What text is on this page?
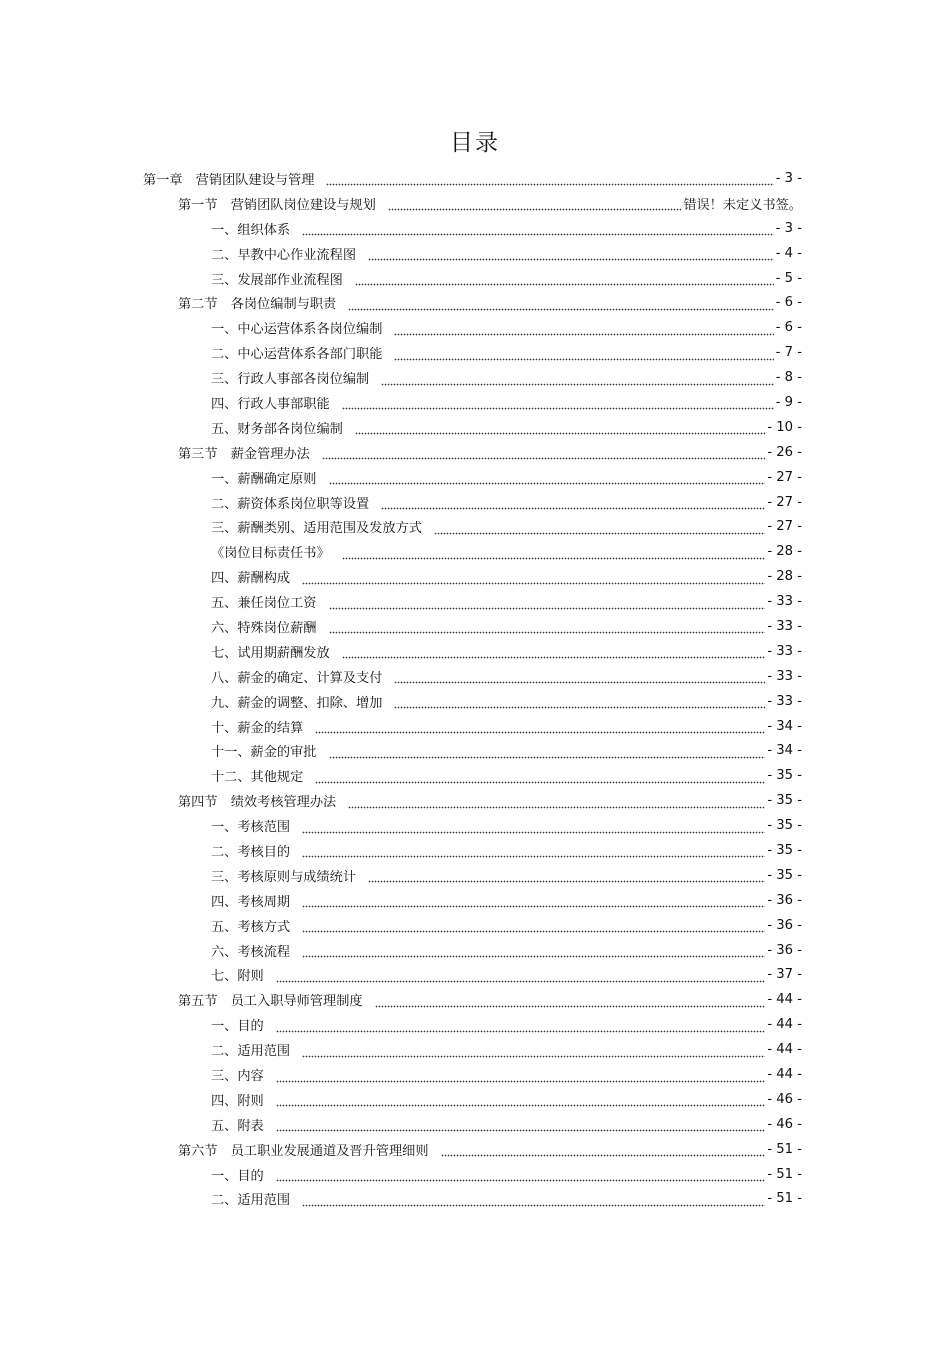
目录
第一章　营销团队建设与管理	- 3 -
第一节　营销团队岗位建设与规划	错误！未定义书签。
一、组织体系	- 3 -
二、早教中心作业流程图	- 4 -
三、发展部作业流程图	- 5 -
第二节　各岗位编制与职责	- 6 -
一、中心运营体系各岗位编制	- 6 -
二、中心运营体系各部门职能	- 7 -
三、行政人事部各岗位编制	- 8 -
四、行政人事部职能	- 9 -
五、财务部各岗位编制	- 10 -
第三节　薪金管理办法	- 26 -
一、薪酬确定原则	- 27 -
二、薪资体系岗位职等设置	- 27 -
三、薪酬类别、适用范围及发放方式	- 27 -
《岗位目标责任书》	- 28 -
四、薪酬构成	- 28 -
五、兼任岗位工资	- 33 -
六、特殊岗位薪酬	- 33 -
七、试用期薪酬发放	- 33 -
八、薪金的确定、计算及支付	- 33 -
九、薪金的调整、扣除、增加	- 33 -
十、薪金的结算	- 34 -
十一、薪金的审批	- 34 -
十二、其他规定	- 35 -
第四节　绩效考核管理办法	- 35 -
一、考核范围	- 35 -
二、考核目的	- 35 -
三、考核原则与成绩统计	- 35 -
四、考核周期	- 36 -
五、考核方式	- 36 -
六、考核流程	- 36 -
七、附则	- 37 -
第五节　员工入职导师管理制度	- 44 -
一、目的	- 44 -
二、适用范围	- 44 -
三、内容	- 44 -
四、附则	- 46 -
五、附表	- 46 -
第六节　员工职业发展通道及晋升管理细则	- 51 -
一、目的	- 51 -
二、适用范围	- 51 -
